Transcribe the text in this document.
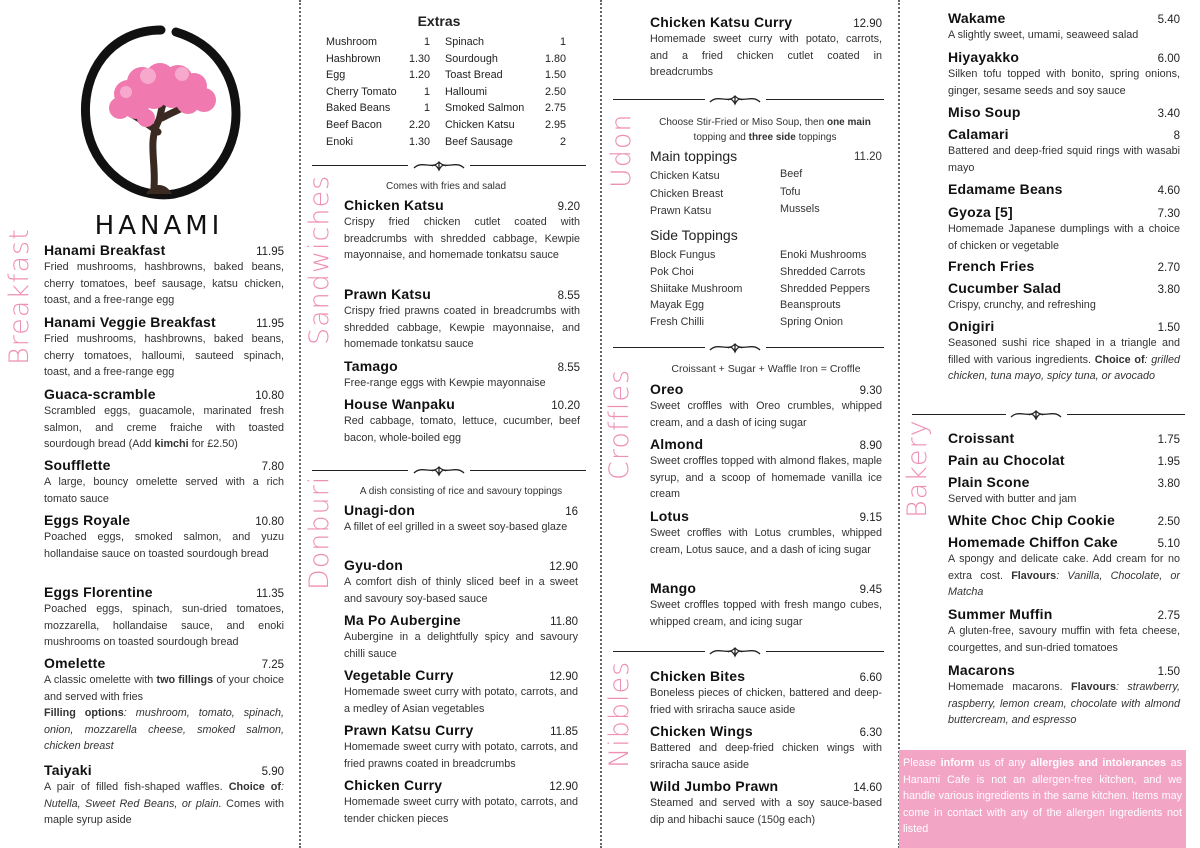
HANAMI
Breakfast Hanami Breakfast	11.95
Fried mushrooms, hashbrowns, baked beans, cherry tomatoes, beef sausage, katsu chicken, toast, and a free-range egg
Hanami Veggie Breakfast	11.95
Fried mushrooms, hashbrowns, baked beans, cherry tomatoes, halloumi, sauteed spinach, toast, and a free-range egg
Guaca-scramble	10.80
Scrambled eggs, guacamole, marinated fresh salmon, and creme fraiche with toasted sourdough bread (Add kimchi for £2.50)
Soufflette	7.80
A large, bouncy omelette served with a rich tomato sauce
Eggs Royale	10.80
Poached eggs, smoked salmon, and yuzu hollandaise sauce on toasted sourdough bread
Eggs Florentine	11.35
Poached eggs, spinach, sun-dried tomatoes, mozzarella, hollandaise sauce, and enoki mushrooms on toasted sourdough bread
Omelette	7.25
A classic omelette with two fillings of your choice and served with fries
Filling options: mushroom, tomato, spinach, onion, mozzarella cheese, smoked salmon, chicken breast
Taiyaki	5.90
A pair of filled fish-shaped waffles. Choice of: Nutella, Sweet Red Beans, or plain. Comes with maple syrup aside
Extras
Mushroom	1
Hashbrown	1.30
Egg	1.20
Cherry Tomato	1
Baked Beans	1
Beef Bacon	2.20
Enoki	1.30
Spinach	1
Sourdough	1.80
Toast Bread	1.50
Halloumi	2.50
Smoked Salmon 2.75
Chicken Katsu	2.95
Beef Sausage	2
Sandwiches	Comes with fries and salad
Chicken Katsu	9.20
Crispy fried chicken cutlet coated with breadcrumbs with shredded cabbage, Kewpie mayonnaise, and homemade tonkatsu sauce
Prawn Katsu	8.55
Crispy fried prawns coated in breadcrumbs with shredded cabbage, Kewpie mayonnaise, and homemade tonkatsu sauce
Tamago	8.55
Free-range eggs with Kewpie mayonnaise
House Wanpaku	10.20
Red cabbage, tomato, lettuce, cucumber, beef bacon, whole-boiled egg
Donburi	A dish consisting of rice and savoury toppings
Unagi-don	16
A fillet of eel grilled in a sweet soy-based glaze
Gyu-don	12.90
A comfort dish of thinly sliced beef in a sweet and savoury soy-based sauce
Ma Po Aubergine	11.80
Aubergine in a delightfully spicy and savoury chilli sauce
Vegetable Curry	12.90
Homemade sweet curry with potato, carrots, and a medley of Asian vegetables
Prawn Katsu Curry	11.85
Homemade sweet curry with potato, carrots, and fried prawns coated in breadcrumbs
Chicken Curry	12.90
Homemade sweet curry with potato, carrots, and tender chicken pieces
Chicken Katsu Curry	12.90
Homemade sweet curry with potato, carrots, and a fried chicken cutlet coated in breadcrumbs
Udon	Choose Stir-Fried or Miso Soup, then one main
topping and three side toppings
Main toppings	11.20
Chicken Katsu
Chicken Breast
Prawn Katsu
Beef
Tofu
Mussels
Side Toppings
Block Fungus
Pok Choi
Shiitake Mushroom
Mayak Egg
Fresh Chilli
Enoki Mushrooms
Shredded Carrots
Shredded Peppers
Beansprouts
Spring Onion
Croffles	Croissant + Sugar + Waffle Iron = Croffle
Oreo	9.30
Sweet croffles with Oreo crumbles, whipped cream, and a dash of icing sugar
Almond	8.90
Sweet croffles topped with almond flakes, maple syrup, and a scoop of homemade vanilla ice cream
Lotus	9.15
Sweet croffles with Lotus crumbles, whipped cream, Lotus sauce, and a dash of icing sugar
Mango	9.45
Sweet croffles topped with fresh mango cubes, whipped cream, and icing sugar
Nibbles Chicken Bites	6.60
Boneless pieces of chicken, battered and deep-fried with sriracha sauce aside
Chicken Wings	6.30
Battered and deep-fried chicken wings with sriracha sauce aside
Wild Jumbo Prawn	14.60
Steamed and served with a soy sauce-based dip and hibachi sauce (150g each)
Wakame	5.40
A slightly sweet, umami, seaweed salad
Hiyayakko	6.00
Silken tofu topped with bonito, spring onions, ginger, sesame seeds and soy sauce
Miso Soup	3.40
Calamari	8
Battered and deep-fried squid rings with wasabi mayo
Edamame Beans	4.60
Gyoza [5]	7.30
Homemade Japanese dumplings with a choice of chicken or vegetable
French Fries	2.70
Cucumber Salad	3.80
Crispy, crunchy, and refreshing
Onigiri	1.50
Seasoned sushi rice shaped in a triangle and filled with various ingredients. Choice of: grilled chicken, tuna mayo, spicy tuna, or avocado
Bakery Croissant	1.75
Pain au Chocolat	1.95
Plain Scone	3.80
Served with butter and jam
White Choc Chip Cookie	2.50
Homemade Chiffon Cake	5.10
A spongy and delicate cake. Add cream for no extra cost. Flavours: Vanilla, Chocolate, or Matcha
Summer Muffin	2.75
A gluten-free, savoury muffin with feta cheese, courgettes, and sun-dried tomatoes
Macarons	1.50
Homemade macarons. Flavours: strawberry, raspberry, lemon cream, chocolate with almond buttercream, and espresso
Please inform us of any allergies and intolerances as Hanami Cafe is not an allergen-free kitchen, and we handle various ingredients in the same kitchen. Items may come in contact with any of the allergen ingredients not listed
